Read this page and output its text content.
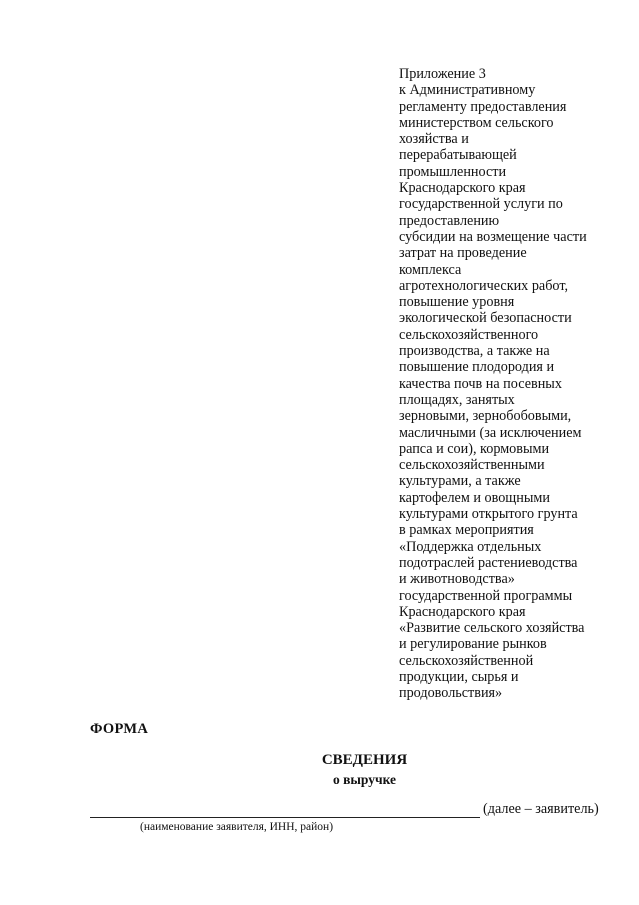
Приложение 3
к Административному
регламенту предоставления
министерством сельского
хозяйства и
перерабатывающей
промышленности
Краснодарского края
государственной услуги по
предоставлению
субсидии на возмещение части
затрат на проведение
комплекса
агротехнологических работ,
повышение уровня
экологической безопасности
сельскохозяйственного
производства, а также на
повышение плодородия и
качества почв на посевных
площадях, занятых
зерновыми, зернобобовыми,
масличными (за исключением
рапса и сои), кормовыми
сельскохозяйственными
культурами, а также
картофелем и овощными
культурами открытого грунта
в рамках мероприятия
«Поддержка отдельных
подотраслей растениеводства
и животноводства»
государственной программы
Краснодарского края
«Развитие сельского хозяйства
и регулирование рынков
сельскохозяйственной
продукции, сырья и
продовольствия»
ФОРМА
СВЕДЕНИЯ
о выручке
(далее – заявитель)
(наименование заявителя, ИНН, район)
